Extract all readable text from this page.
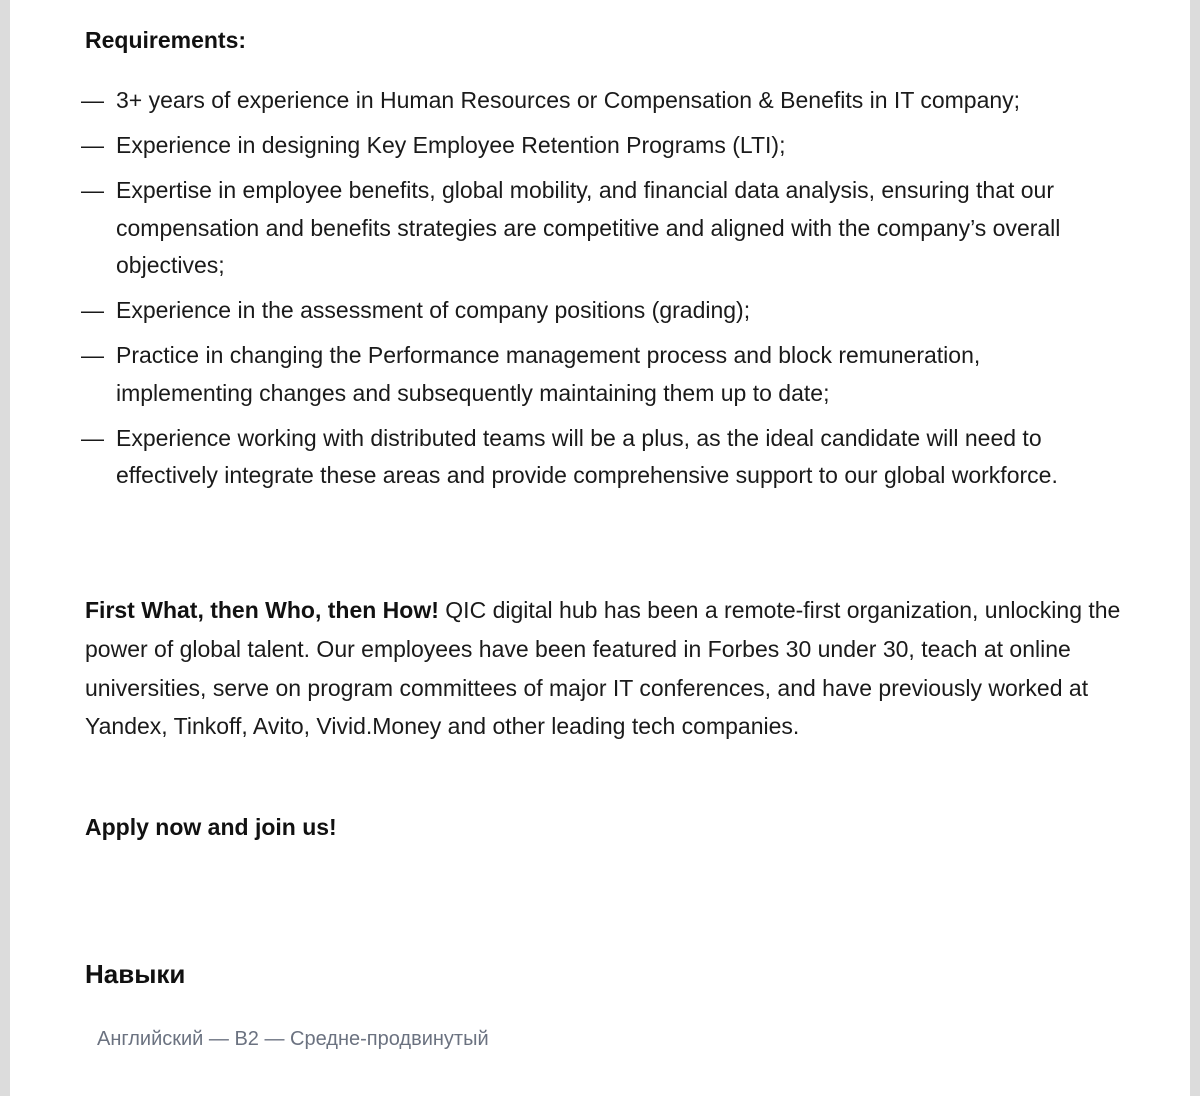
Requirements:
— 3+ years of experience in Human Resources or Compensation & Benefits in IT company;
— Experience in designing Key Employee Retention Programs (LTI);
— Expertise in employee benefits, global mobility, and financial data analysis, ensuring that our compensation and benefits strategies are competitive and aligned with the company’s overall objectives;
— Experience in the assessment of company positions (grading);
— Practice in changing the Performance management process and block remuneration, implementing changes and subsequently maintaining them up to date;
— Experience working with distributed teams will be a plus, as the ideal candidate will need to effectively integrate these areas and provide comprehensive support to our global workforce.

First What, then Who, then How! QIC digital hub has been a remote-first organization, unlocking the power of global talent. Our employees have been featured in Forbes 30 under 30, teach at online universities, serve on program committees of major IT conferences, and have previously worked at Yandex, Tinkoff, Avito, Vivid.Money and other leading tech companies.

Apply now and join us!

Навыки
Английский — B2 — Средне-продвинутый
